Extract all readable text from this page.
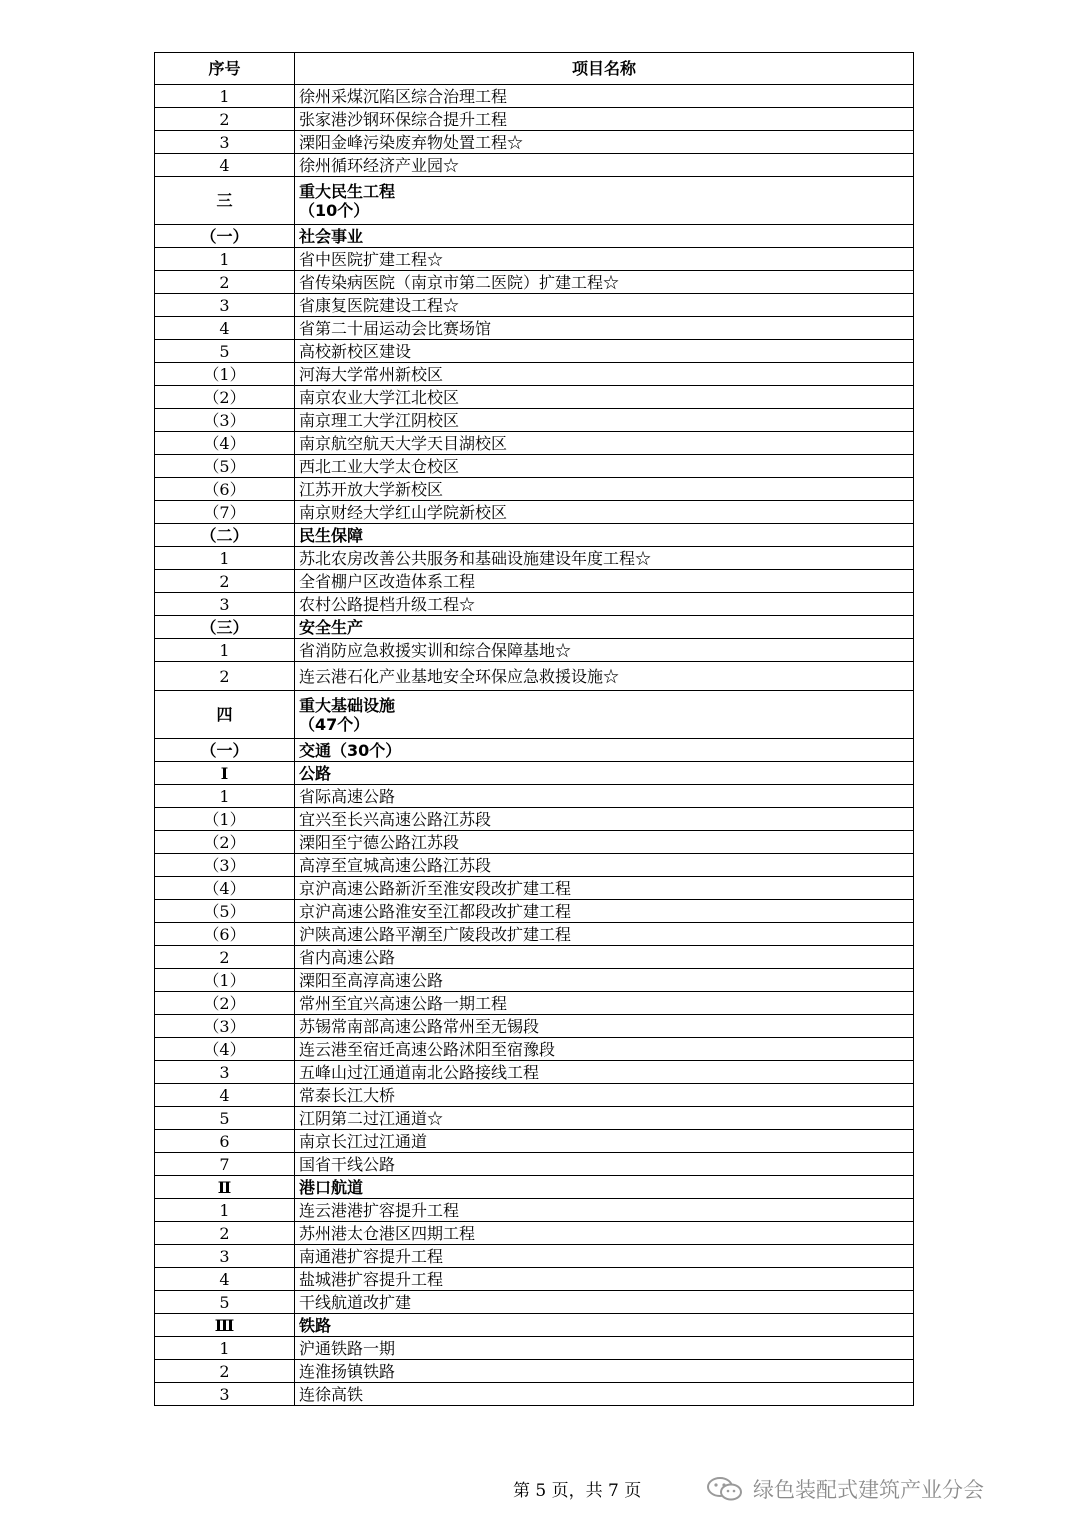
序号	项目名称
1	徐州采煤沉陷区综合治理工程
2	张家港沙钢环保综合提升工程
3	溧阳金峰污染废弃物处置工程☆
4	徐州循环经济产业园☆
三	重大民生工程
（10个）

（一）	社会事业
1	省中医院扩建工程☆
2	省传染病医院（南京市第二医院）扩建工程☆
3	省康复医院建设工程☆
4	省第二十届运动会比赛场馆
5	高校新校区建设
（1）	河海大学常州新校区
（2）	南京农业大学江北校区
（3）	南京理工大学江阴校区
（4）	南京航空航天大学天目湖校区
（5）	西北工业大学太仓校区
（6）	江苏开放大学新校区
（7）	南京财经大学红山学院新校区
（二）	民生保障
1	苏北农房改善公共服务和基础设施建设年度工程☆
2	全省棚户区改造体系工程
3	农村公路提档升级工程☆
（三）	安全生产
1	省消防应急救援实训和综合保障基地☆
2	连云港石化产业基地安全环保应急救援设施☆
四	重大基础设施
（47个）

（一）	交通（30个）
Ⅰ	公路
1	省际高速公路
（1）	宜兴至长兴高速公路江苏段
（2）	溧阳至宁德公路江苏段
（3）	高淳至宣城高速公路江苏段
（4）	京沪高速公路新沂至淮安段改扩建工程
（5）	京沪高速公路淮安至江都段改扩建工程
（6）	沪陕高速公路平潮至广陵段改扩建工程
2	省内高速公路
（1）	溧阳至高淳高速公路
（2）	常州至宜兴高速公路一期工程
（3）	苏锡常南部高速公路常州至无锡段
（4）	连云港至宿迁高速公路沭阳至宿豫段
3	五峰山过江通道南北公路接线工程
4	常泰长江大桥
5	江阴第二过江通道☆
6	南京长江过江通道
7	国省干线公路
Ⅱ	港口航道
1	连云港港扩容提升工程
2	苏州港太仓港区四期工程
3	南通港扩容提升工程
4	盐城港扩容提升工程
5	干线航道改扩建
Ⅲ	铁路
1	沪通铁路一期
2	连淮扬镇铁路
3	连徐高铁
第 5 页，共 7 页	绿色装配式建筑产业分会
